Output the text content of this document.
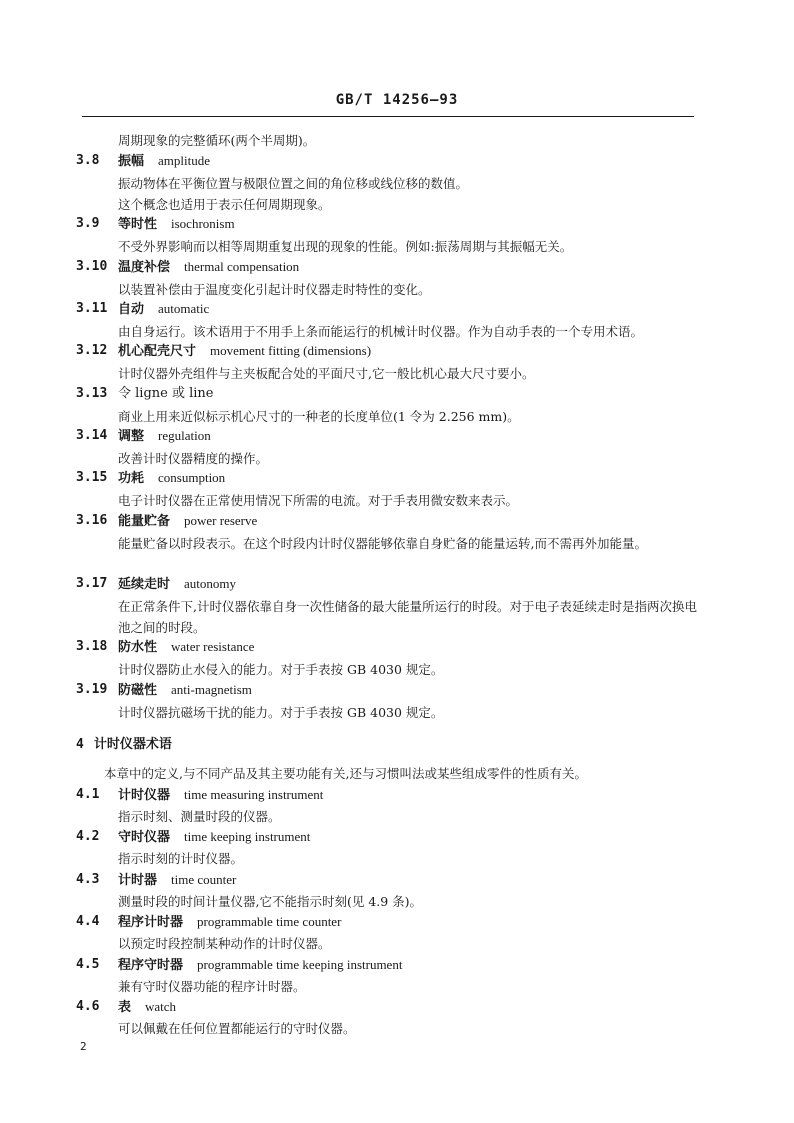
GB/T 14256—93
周期现象的完整循环(两个半周期)。
3.8 振幅 amplitude
振动物体在平衡位置与极限位置之间的角位移或线位移的数值。
这个概念也适用于表示任何周期现象。
3.9 等时性 isochronism
不受外界影响而以相等周期重复出现的现象的性能。例如:振荡周期与其振幅无关。
3.10 温度补偿 thermal compensation
以装置补偿由于温度变化引起计时仪器走时特性的变化。
3.11 自动 automatic
由自身运行。该术语用于不用手上条而能运行的机械计时仪器。作为自动手表的一个专用术语。
3.12 机心配壳尺寸 movement fitting (dimensions)
计时仪器外壳组件与主夹板配合处的平面尺寸,它一般比机心最大尺寸要小。
3.13 令 ligne 或 line
商业上用来近似标示机心尺寸的一种老的长度单位(1 令为 2.256 mm)。
3.14 调整 regulation
改善计时仪器精度的操作。
3.15 功耗 consumption
电子计时仪器在正常使用情况下所需的电流。对于手表用微安数来表示。
3.16 能量贮备 power reserve
能量贮备以时段表示。在这个时段内计时仪器能够依靠自身贮备的能量运转,而不需再外加能量。
3.17 延续走时 autonomy
在正常条件下,计时仪器依靠自身一次性储备的最大能量所运行的时段。对于电子表延续走时是指两次换电池之间的时段。
3.18 防水性 water resistance
计时仪器防止水侵入的能力。对于手表按 GB 4030 规定。
3.19 防磁性 anti-magnetism
计时仪器抗磁场干扰的能力。对于手表按 GB 4030 规定。
4 计时仪器术语
本章中的定义,与不同产品及其主要功能有关,还与习惯叫法或某些组成零件的性质有关。
4.1 计时仪器 time measuring instrument
指示时刻、测量时段的仪器。
4.2 守时仪器 time keeping instrument
指示时刻的计时仪器。
4.3 计时器 time counter
测量时段的时间计量仪器,它不能指示时刻(见 4.9 条)。
4.4 程序计时器 programmable time counter
以预定时段控制某种动作的计时仪器。
4.5 程序守时器 programmable time keeping instrument
兼有守时仪器功能的程序计时器。
4.6 表 watch
可以佩戴在任何位置都能运行的守时仪器。
2
